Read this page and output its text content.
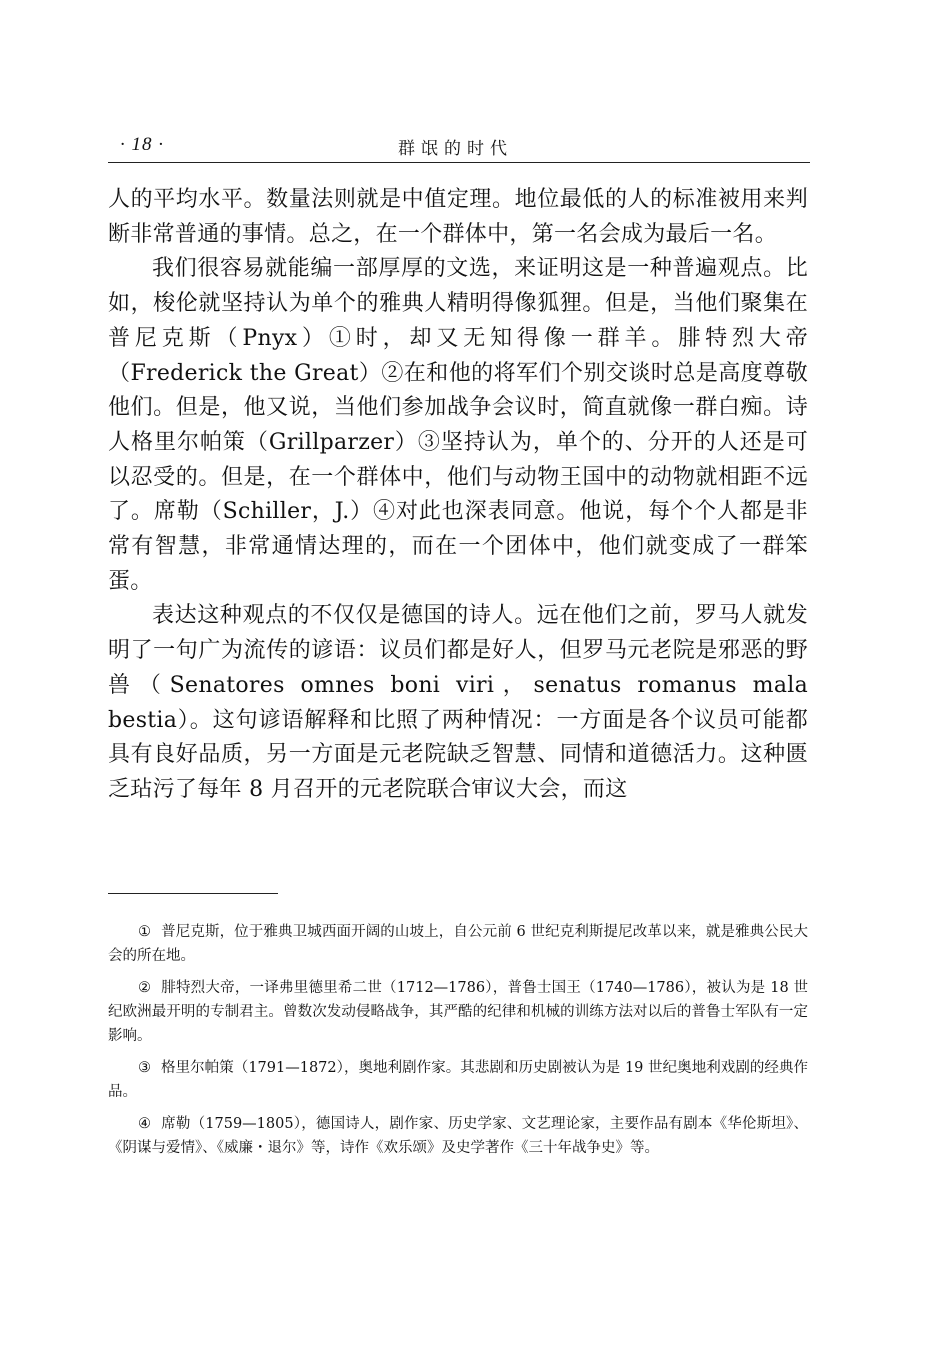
· 18 ·	群氓的时代

人的平均水平。数量法则就是中值定理。地位最低的人的标准被用来判断非常普通的事情。总之，在一个群体中，第一名会成为最后一名。

我们很容易就能编一部厚厚的文选，来证明这是一种普遍观点。比如，梭伦就坚持认为单个的雅典人精明得像狐狸。但是，当他们聚集在普尼克斯（Pnyx）①时，却又无知得像一群羊。腓特烈大帝（Frederick the Great）②在和他的将军们个别交谈时总是高度尊敬他们。但是，他又说，当他们参加战争会议时，简直就像一群白痴。诗人格里尔帕策（Grillparzer）③坚持认为，单个的、分开的人还是可以忍受的。但是，在一个群体中，他们与动物王国中的动物就相距不远了。席勒（Schiller，J.）④对此也深表同意。他说，每个个人都是非常有智慧，非常通情达理的，而在一个团体中，他们就变成了一群笨蛋。

表达这种观点的不仅仅是德国的诗人。远在他们之前，罗马人就发明了一句广为流传的谚语：议员们都是好人，但罗马元老院是邪恶的野兽（Senatores omnes boni viri，senatus romanus mala bestia）。这句谚语解释和比照了两种情况：一方面是各个议员可能都具有良好品质，另一方面是元老院缺乏智慧、同情和道德活力。这种匮乏玷污了每年 8 月召开的元老院联合审议大会，而这

① 普尼克斯，位于雅典卫城西面开阔的山坡上，自公元前 6 世纪克利斯提尼改革以来，就是雅典公民大会的所在地。

② 腓特烈大帝，一译弗里德里希二世（1712—1786），普鲁士国王（1740—1786），被认为是 18 世纪欧洲最开明的专制君主。曾数次发动侵略战争，其严酷的纪律和机械的训练方法对以后的普鲁士军队有一定影响。

③ 格里尔帕策（1791—1872），奥地利剧作家。其悲剧和历史剧被认为是 19 世纪奥地利戏剧的经典作品。

④ 席勒（1759—1805），德国诗人，剧作家、历史学家、文艺理论家，主要作品有剧本《华伦斯坦》、《阴谋与爱情》、《威廉・退尔》等，诗作《欢乐颂》及史学著作《三十年战争史》等。
